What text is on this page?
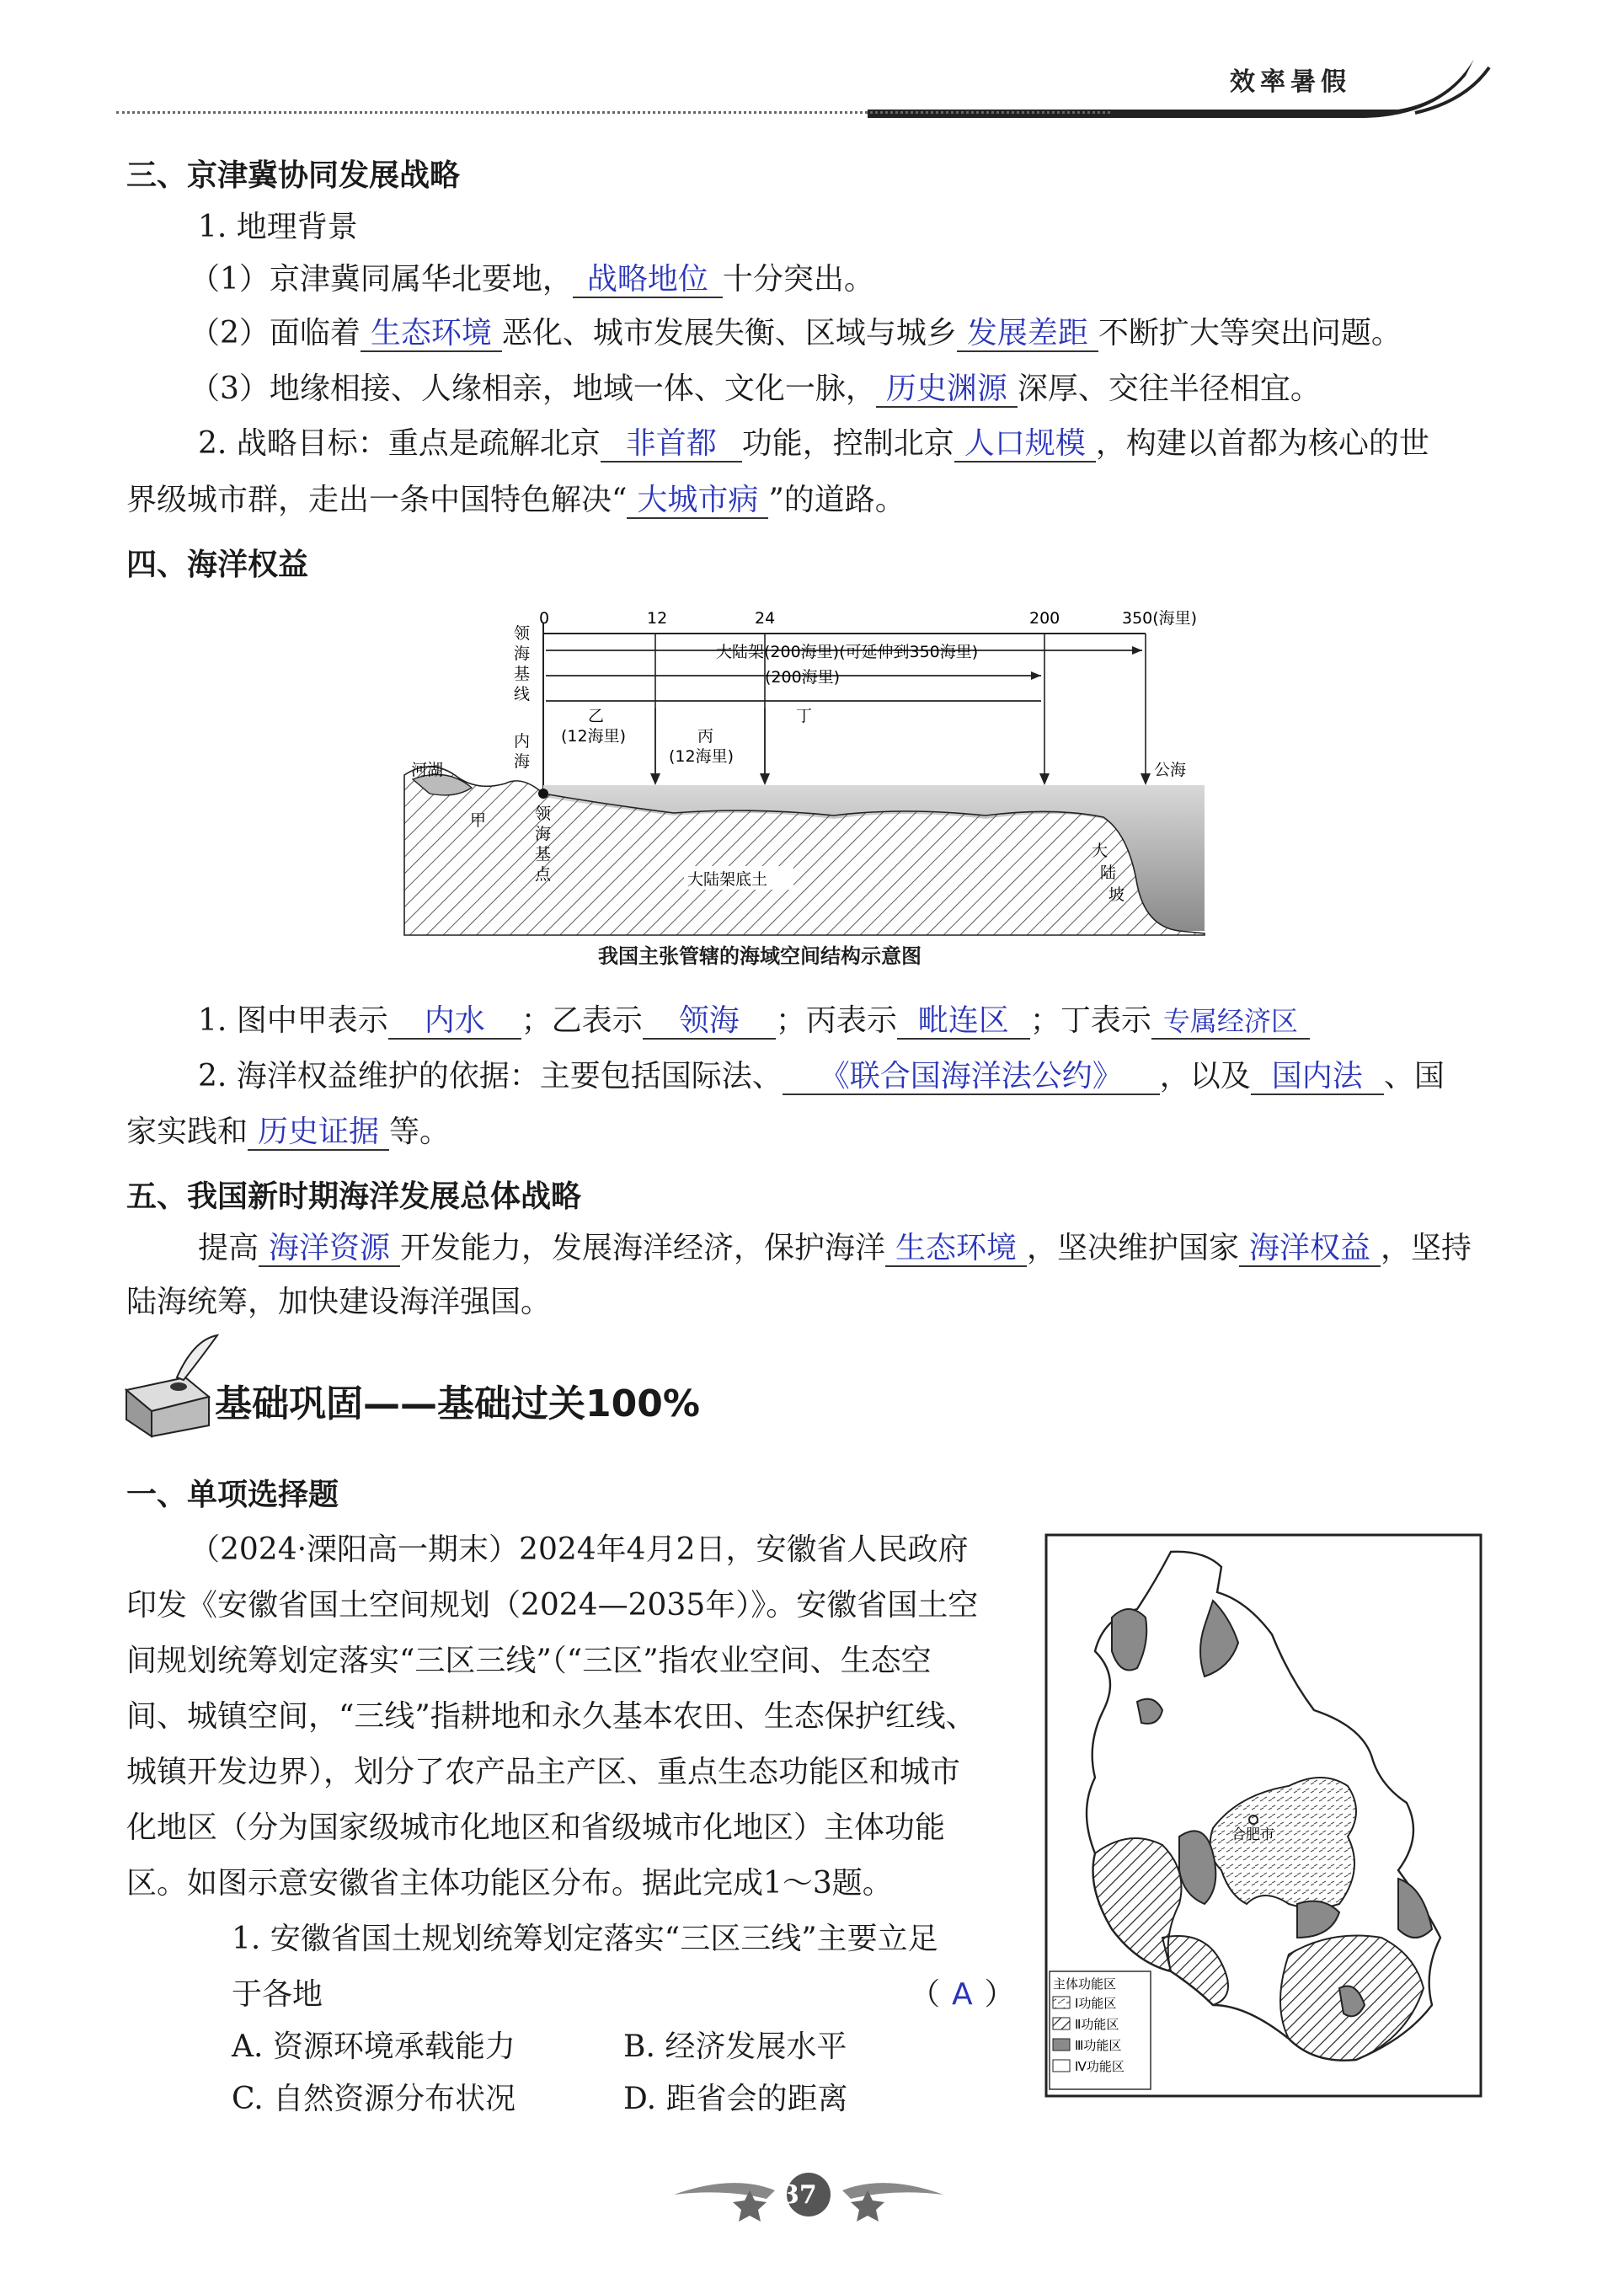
效率暑假
三、京津冀协同发展战略
1. 地理背景
（1）京津冀同属华北要地， 战略地位 十分突出。
（2）面临着 生态环境 恶化、城市发展失衡、区域与城乡 发展差距 不断扩大等突出问题。
（3）地缘相接、人缘相亲，地域一体、文化一脉， 历史渊源 深厚、交往半径相宜。
2. 战略目标：重点是疏解北京 非首都 功能，控制北京 人口规模 ，构建以首都为核心的世
界级城市群，走出一条中国特色解决“ 大城市病 ”的道路。
四、海洋权益
0	12	24	200	350(海里)
大陆架(200海里)(可延伸到350海里)
(200海里)
丁
领
海
基
线
内
海
乙
(12海里)	丙
(12海里)
河湖
甲	领
海
基
点
公海
大陆架底土
大
陆
坡
我国主张管辖的海域空间结构示意图
1. 图中甲表示 内水 ；乙表示 领海 ；丙表示 毗连区 ；丁表示 专属经济区
2. 海洋权益维护的依据：主要包括国际法、 《联合国海洋法公约》 ，以及 国内法 、国
家实践和 历史证据 等。
五、我国新时期海洋发展总体战略
提高 海洋资源 开发能力，发展海洋经济，保护海洋 生态环境 ，坚决维护国家 海洋权益 ，坚持
陆海统筹，加快建设海洋强国。
基础巩固——基础过关100%
一、单项选择题
（2024·溧阳高一期末）2024年4月2日，安徽省人民政府
印发《安徽省国土空间规划（2024—2035年）》。安徽省国土空
间规划统筹划定落实“三区三线”（“三区”指农业空间、生态空
间、城镇空间，“三线”指耕地和永久基本农田、生态保护红线、
城镇开发边界），划分了农产品主产区、重点生态功能区和城市
化地区（分为国家级城市化地区和省级城市化地区）主体功能
区。如图示意安徽省主体功能区分布。据此完成1～3题。
1. 安徽省国土规划统筹划定落实“三区三线”主要立足
于各地	（ A ）
A. 资源环境承载能力	B. 经济发展水平
C. 自然资源分布状况	D. 距省会的距离
合肥市
主体功能区
Ⅰ功能区
Ⅱ功能区
Ⅲ功能区
Ⅳ功能区
37
